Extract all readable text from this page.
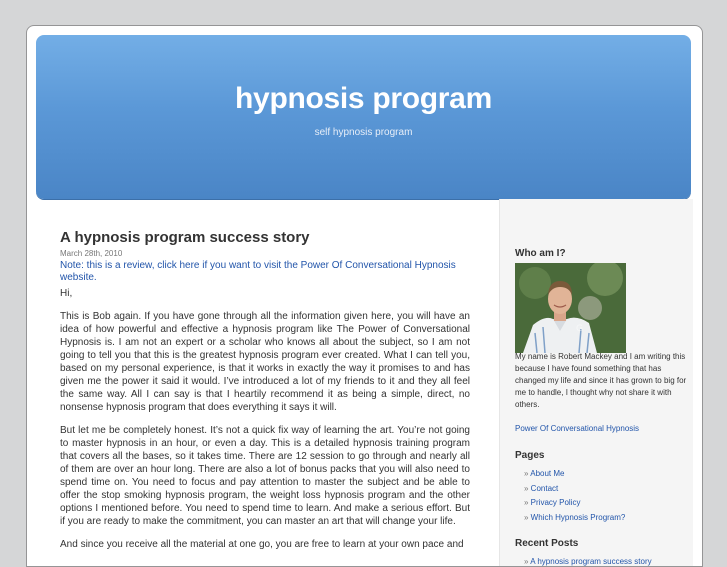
hypnosis program
self hypnosis program
A hypnosis program success story
March 28th, 2010

Note: this is a review, click here if you want to visit the Power Of Conversational Hypnosis website.

Hi,

This is Bob again. If you have gone through all the information given here, you will have an idea of how powerful and effective a hypnosis program like The Power of Conversational Hypnosis is. I am not an expert or a scholar who knows all about the subject, so I am not going to tell you that this is the greatest hypnosis program ever created. What I can tell you, based on my personal experience, is that it works in exactly the way it promises to and has given me the power it said it would. I’ve introduced a lot of my friends to it and they all feel the same way. All I can say is that I heartily recommend it as being a simple, direct, no nonsense hypnosis program that does everything it says it will.

But let me be completely honest. It’s not a quick fix way of learning the art. You’re not going to master hypnosis in an hour, or even a day. This is a detailed hypnosis training program that covers all the bases, so it takes time. There are 12 session to go through and nearly all of them are over an hour long. There are also a lot of bonus packs that you will also need to spend time on. You need to focus and pay attention to master the subject and be able to offer the stop smoking hypnosis program, the weight loss hypnosis program and the other options I mentioned before. You need to spend time to learn. And make a serious effort. But if you are ready to make the commitment, you can master an art that will change your life.

And since you receive all the material at one go, you are free to learn at your own pace and

Who am I?
G
My name is Robert Mackey and I am writing this because I have found something that has changed my life and since it has grown to big for me to handle, I thought why not share it with others.
Power Of Conversational Hypnosis
Pages
» About Me
» Contact
» Privacy Policy
» Which Hypnosis Program?
Recent Posts
» A hypnosis program success story
